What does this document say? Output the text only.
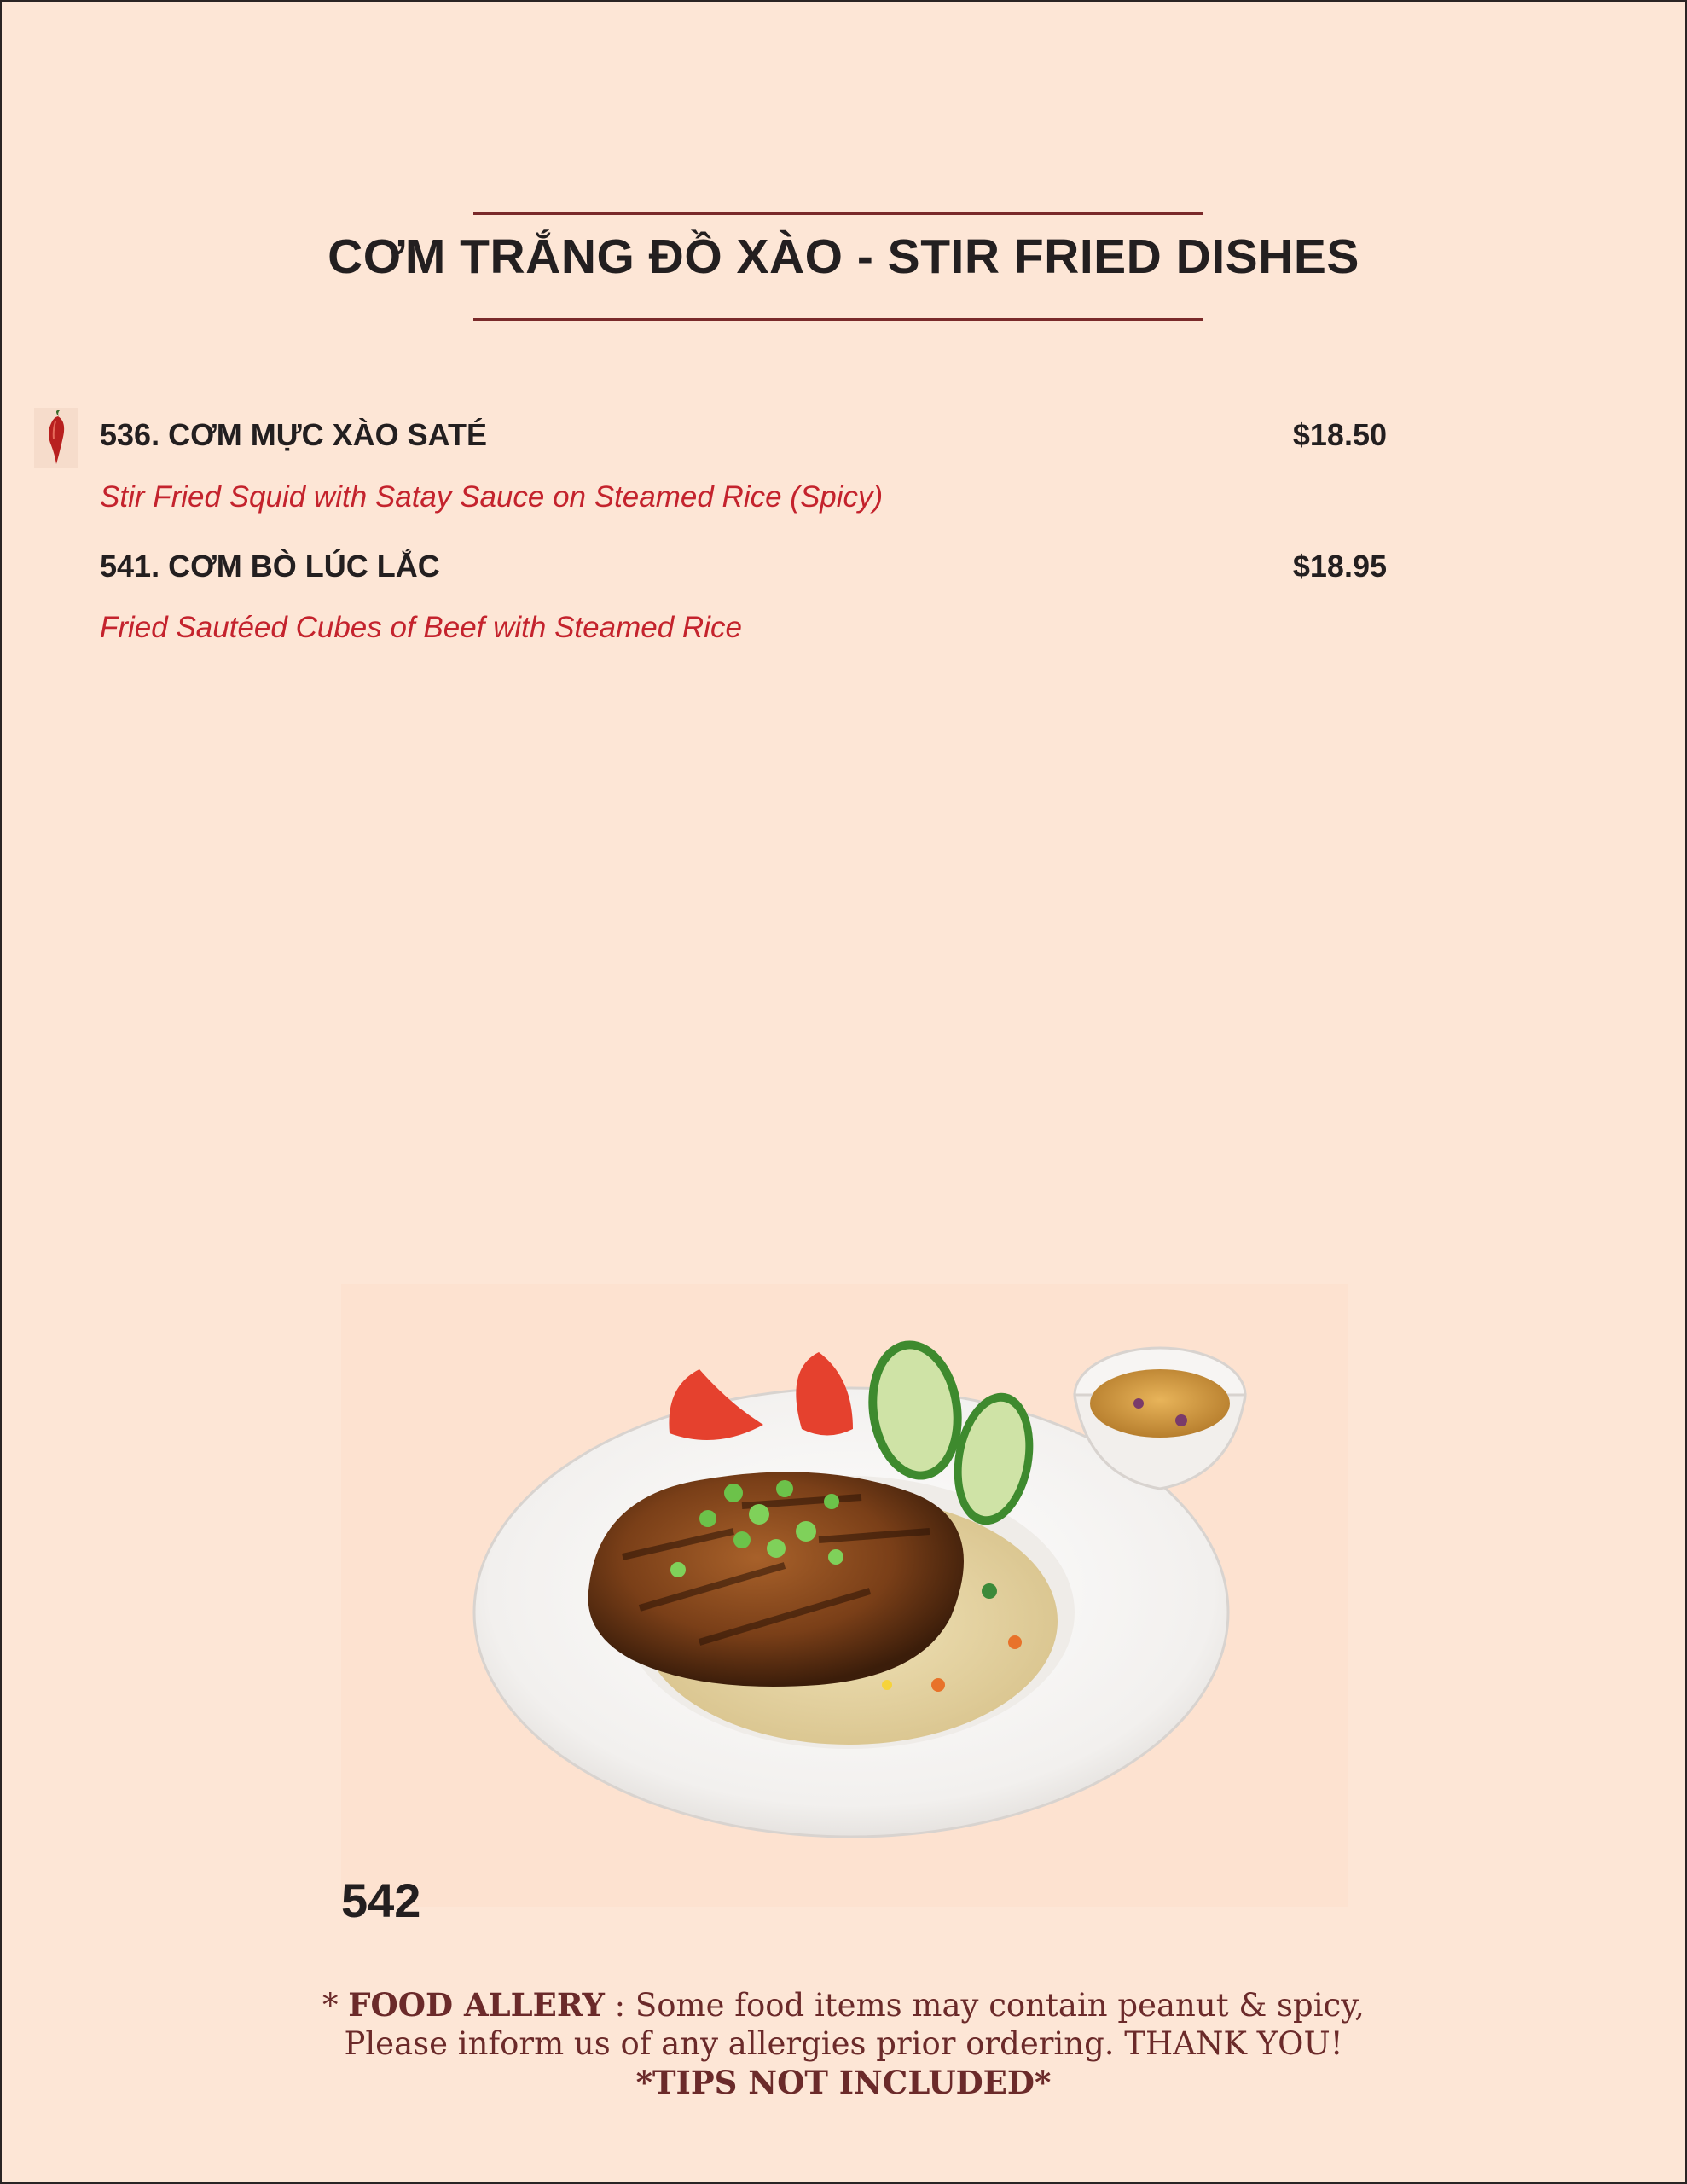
CƠM TRẮNG ĐỒ XÀO - STIR FRIED DISHES
536. CƠM MỰC XÀO SATÉ	$18.50
Stir Fried Squid with Satay Sauce on Steamed Rice (Spicy)
541. CƠM BÒ LÚC LẮC	$18.95
Fried Sautéed Cubes of Beef with Steamed Rice
542
* FOOD ALLERY : Some food items may contain peanut & spicy,
Please inform us of any allergies prior ordering. THANK YOU!
*TIPS NOT INCLUDED*
